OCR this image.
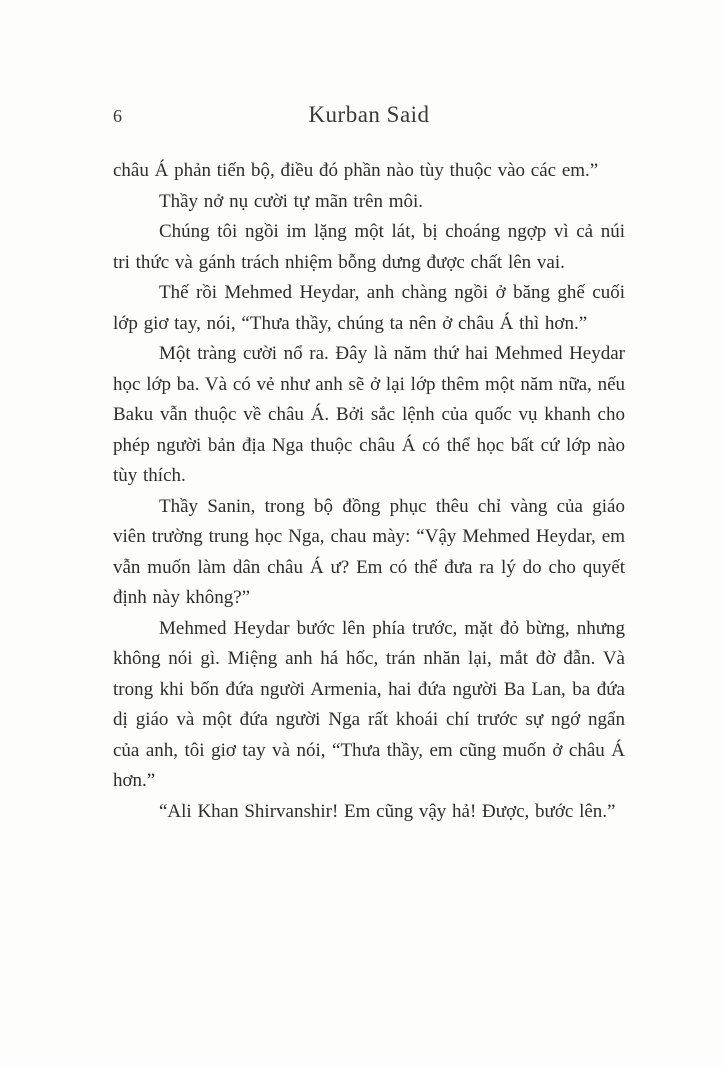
6	Kurban Said

châu Á phản tiến bộ, điều đó phần nào tùy thuộc vào các em.”

Thầy nở nụ cười tự mãn trên môi.

Chúng tôi ngồi im lặng một lát, bị choáng ngợp vì cả núi tri thức và gánh trách nhiệm bỗng dưng được chất lên vai.

Thế rồi Mehmed Heydar, anh chàng ngồi ở băng ghế cuối lớp giơ tay, nói, “Thưa thầy, chúng ta nên ở châu Á thì hơn.”

Một tràng cười nổ ra. Đây là năm thứ hai Mehmed Heydar học lớp ba. Và có vẻ như anh sẽ ở lại lớp thêm một năm nữa, nếu Baku vẫn thuộc về châu Á. Bởi sắc lệnh của quốc vụ khanh cho phép người bản địa Nga thuộc châu Á có thể học bất cứ lớp nào tùy thích.

Thầy Sanin, trong bộ đồng phục thêu chỉ vàng của giáo viên trường trung học Nga, chau mày: “Vậy Mehmed Heydar, em vẫn muốn làm dân châu Á ư? Em có thể đưa ra lý do cho quyết định này không?”

Mehmed Heydar bước lên phía trước, mặt đỏ bừng, nhưng không nói gì. Miệng anh há hốc, trán nhăn lại, mắt đờ đẫn. Và trong khi bốn đứa người Armenia, hai đứa người Ba Lan, ba đứa dị giáo và một đứa người Nga rất khoái chí trước sự ngớ ngẩn của anh, tôi giơ tay và nói, “Thưa thầy, em cũng muốn ở châu Á hơn.”

“Ali Khan Shirvanshir! Em cũng vậy hả! Được, bước lên.”
